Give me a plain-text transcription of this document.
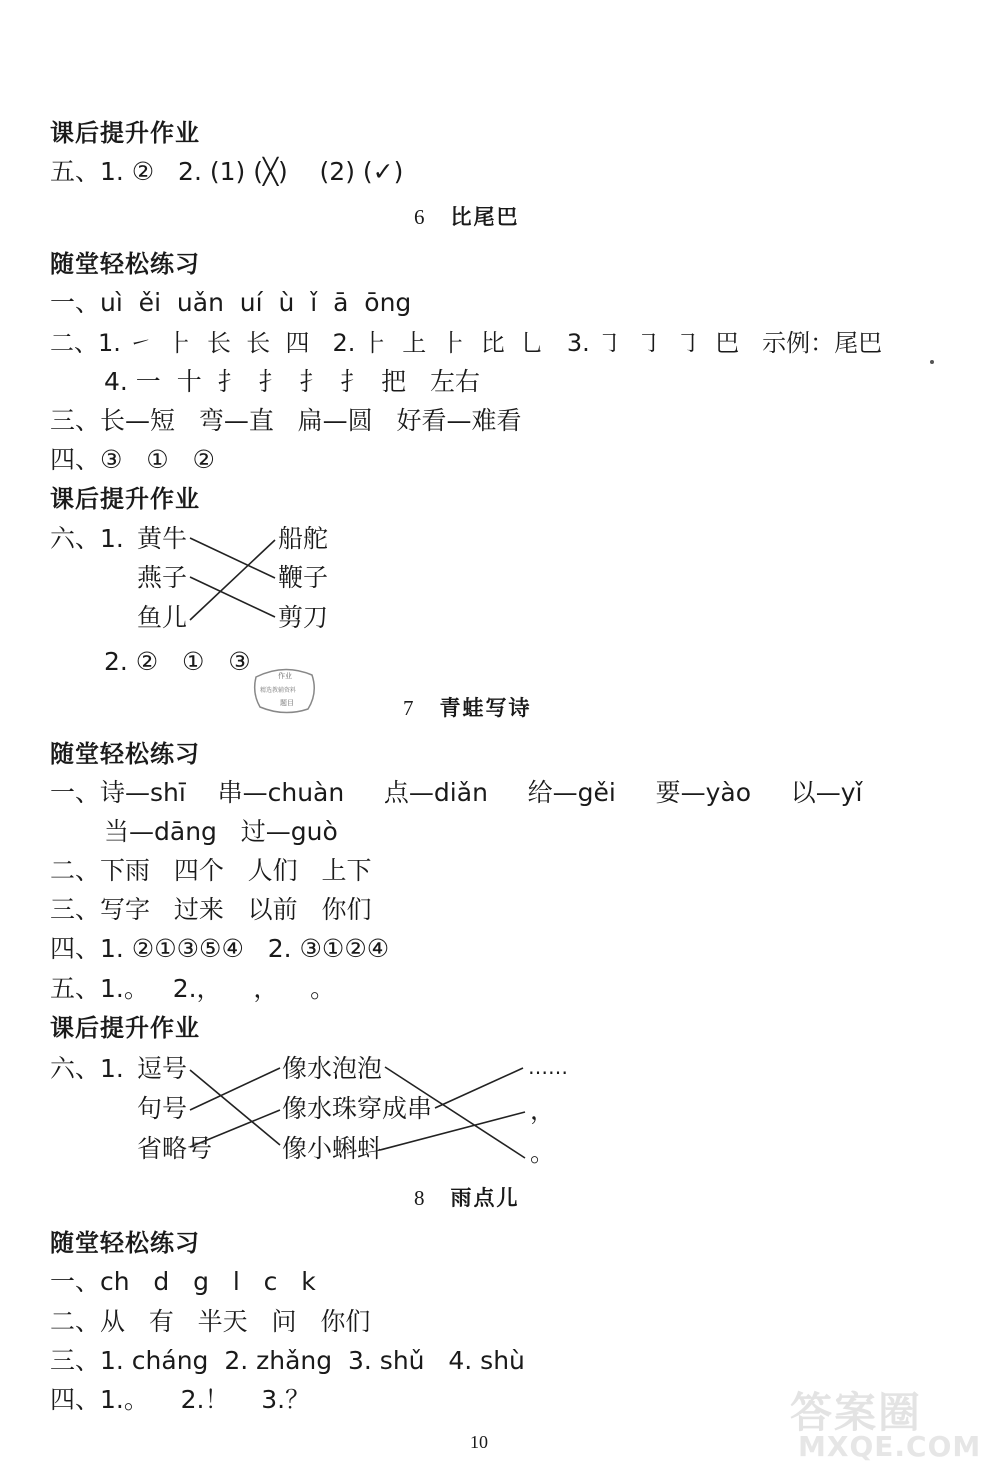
课后提升作业
五、1. ②   2. (1) (╳)    (2) (✓)
6 比尾巴
随堂轻松练习
一、uì  ěi  uǎn  uí  ù  ǐ  ā  ōng
二、1. ㇀  ⺊  长  长  四   2. ⺊  上  ⺊  比  ⺃   3. ㇆  ㇆  ㇆  巴   示例：尾巴
4. 一  十  扌  扌  扌  扌  把   左右
三、长—短   弯—直   扁—圆   好看—难看
四、③   ①   ②
课后提升作业
六、1. 黄牛
燕子
鱼儿
船舵
鞭子
剪刀
2. ②   ①   ③	作业
精选教辅资料
题目	7 青蛙写诗
随堂轻松练习
一、诗—shī    串—chuàn     点—diǎn     给—gěi     要—yào     以—yǐ
当—dāng   过—guò
二、下雨   四个   人们   上下
三、写字   过来   以前   你们
四、1. ②①③⑤④   2. ③①②④
五、1.。   2.，    ，    。
课后提升作业
六、1. 逗号
句号
省略号
像水泡泡
像水珠穿成串
像小蝌蚪
……
，
。
8 雨点儿
随堂轻松练习
一、ch   d   g   l   c   k
二、从   有   半天   问   你们
三、1. cháng  2. zhǎng  3. shǔ   4. shù
四、1.。    2.！    3.？
10
答案圈
MXQE.COM
